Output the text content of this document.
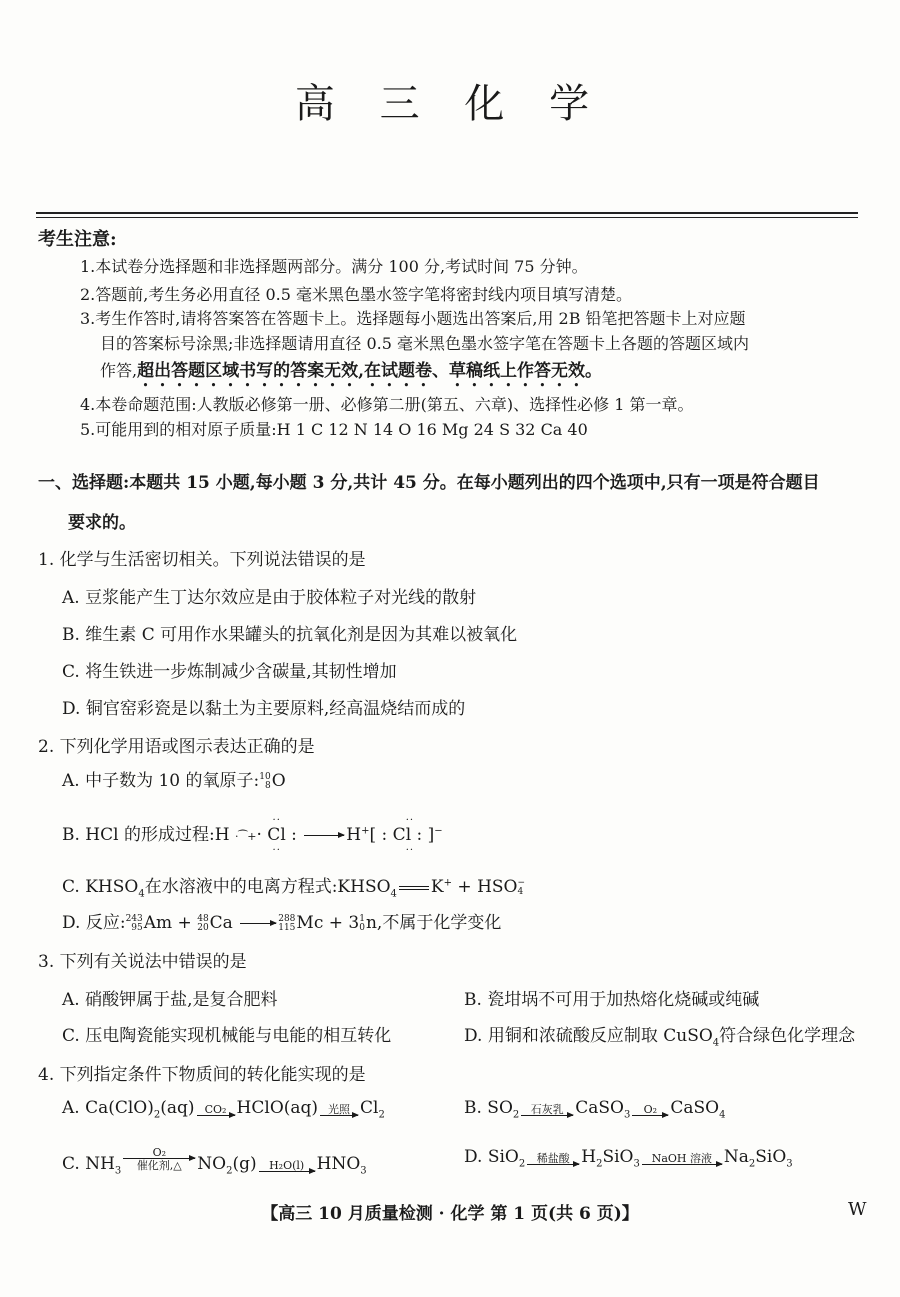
高 三 化 学
考生注意:
1.本试卷分选择题和非选择题两部分。满分 100 分,考试时间 75 分钟。
2.答题前,考生务必用直径 0.5 毫米黑色墨水签字笔将密封线内项目填写清楚。
3.考生作答时,请将答案答在答题卡上。选择题每小题选出答案后,用 2B 铅笔把答题卡上对应题
目的答案标号涂黑;非选择题请用直径 0.5 毫米黑色墨水签字笔在答题卡上各题的答题区域内
作答,超出答题区域书写的答案无效,在试题卷、草稿纸上作答无效。
4.本卷命题范围:人教版必修第一册、必修第二册(第五、六章)、选择性必修 1 第一章。
5.可能用到的相对原子质量:H 1 C 12 N 14 O 16 Mg 24 S 32 Ca 40
一、选择题:本题共 15 小题,每小题 3 分,共计 45 分。在每小题列出的四个选项中,只有一项是符合题目
要求的。
1. 化学与生活密切相关。下列说法错误的是
A. 豆浆能产生丁达尔效应是由于胶体粒子对光线的散射
B. 维生素 C 可用作水果罐头的抗氧化剂是因为其难以被氧化
C. 将生铁进一步炼制减少含碳量,其韧性增加
D. 铜官窑彩瓷是以黏土为主要原料,经高温烧结而成的
2. 下列化学用语或图示表达正确的是
A. 中子数为 10 的氧原子:10
8O
B. HCl 的形成过程:H ·⁀+
··
· Cl :
··

→ H+
··
[ : Cl : ]
··
−
C. $KHSO_4$在水溶液中的电离方程式$:KHSO_4$ K+ + HSO−
4
D. 反应:243
95Am + 48
20Ca → 288
115Mc + 31
0n,不属于化学变化
3. 下列有关说法中错误的是
A. 硝酸钾属于盐,是复合肥料	B. 瓷坩埚不可用于加热熔化烧碱或纯碱
C. 压电陶瓷能实现机械能与电能的相互转化	D. 用铜和浓硫酸反应制取 CuSO$_4$符合绿色化学理念
4. 下列指定条件下物质间的转化能实现的是
A. $Ca(ClO)_2(aq)$ CO₂ HClO(aq) 光照 $Cl_2$	B. $SO_2$	石灰乳 CaSO$_3$	O₂ CaSO$_4$
C. $NH_3$
O₂
催化剂,△ $NO_2(g)$	H₂O(l) $HNO_3$
D. SiO$_2$	稀盐酸 $H_2SiO_3$	NaOH 溶液 $Na_2SiO_3$
【高三 10 月质量检测 · 化学 第 1 页(共 6 页)】	W
